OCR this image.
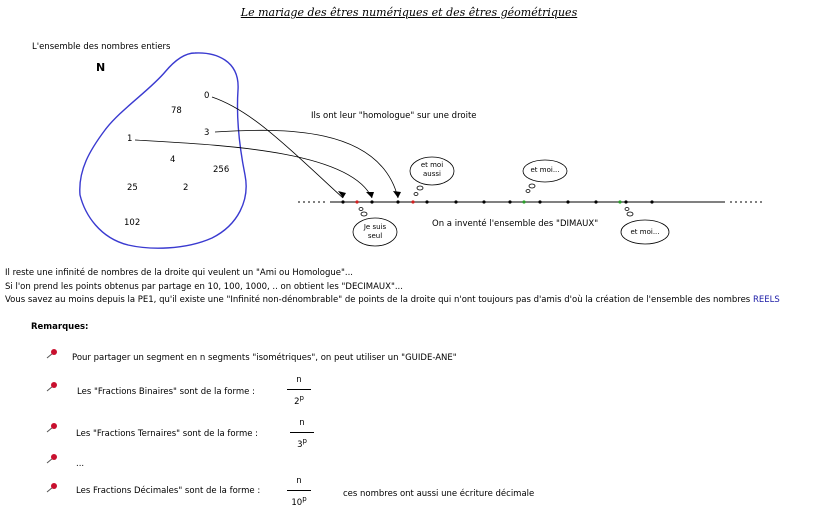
Le mariage des êtres numériques et des êtres géométriques
L'ensemble des nombres entiers
N
0
78
3
1
4
256
25	2
102
Ils ont leur "homologue" sur une droite
On a inventé l'ensemble des "DIMAUX"
et moi
aussi	et moi...
Je suis
seul	et moi...
Il reste une infinité de nombres de la droite qui veulent un "Ami ou Homologue"...
Si l'on prend les points obtenus par partage en 10, 100, 1000, .. on obtient les "DECIMAUX"...
Vous savez au moins depuis la PE1, qu'il existe une "Infinité non-dénombrable" de points de la droite qui n'ont toujours pas d'amis d'où la création de l'ensemble des nombres REELS
Remarques:
Pour partager un segment en n segments "isométriques", on peut utiliser un "GUIDE-ANE"
Les "Fractions Binaires" sont de la forme :
Les "Fractions Ternaires" sont de la forme :
...
Les Fractions Décimales" sont de la forme :	ces nombres ont aussi une écriture décimale
n
2$^p$
n
3$^p$
n
10$^p$
